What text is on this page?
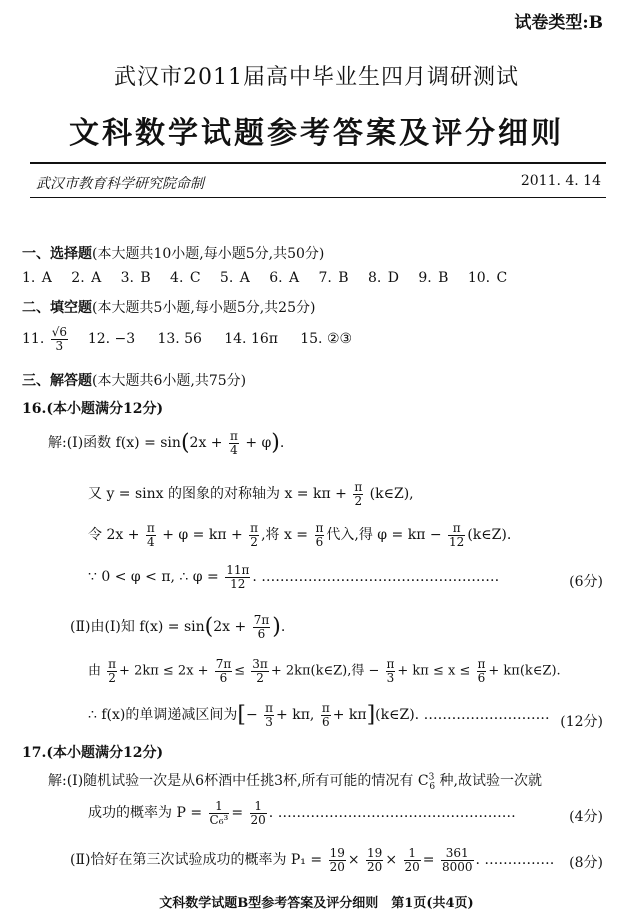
试卷类型:B
武汉市2011届高中毕业生四月调研测试
文科数学试题参考答案及评分细则
武汉市教育科学研究院命制	2011. 4. 14
一、选择题(本大题共10小题,每小题5分,共50分)
1. A 2. A 3. B 4. C 5. A 6. A 7. B 8. D 9. B 10. C
二、填空题(本大题共5小题,每小题5分,共25分)
11. $\frac{√6}{3} 12$. −3 13. 56 14. 16π 15. ②③
三、解答题(本大题共6小题,共75分)
16.(本小题满分12分)
解:(Ⅰ)函数 $f(x) = \sin(2x + \frac{\pi}{4} + \varphi)$.
又 y = sinx 的图象的对称轴为 $x = k\pi + \frac{\pi}{2}$ (k∈Z),
令 $2x + \frac{\pi}{4} + \varphi = k\pi + \frac{\pi}{2}$ ,将 $x = \frac{\pi}{6}$ 代入,得 $\varphi = k\pi - \frac{\pi}{12}$ (k∈Z).
∵ 0 < φ < π, ∴ $\varphi = \frac{11\pi}{12}$ . ……………………………………………	(6分)
(Ⅱ)由(Ⅰ)知 $f(x) = \sin(2x + \frac{7\pi}{6}$ ).
由 $\frac{\pi}{2} + 2k\pi \le 2x + \frac{7\pi}{6} \le \frac{3\pi}{2}$ + 2kπ(k∈Z),得 − $\frac{\pi}{3} + k\pi \le x \le \frac{\pi}{6}$ + kπ(k∈Z).
∴ f(x)的单调递减区间为[− $\frac{\pi}{3} + k\pi$, $\frac{\pi}{6}$ + kπ](k∈Z). ……………………… (12分)
17.(本小题满分12分)
解:(Ⅰ)随机试验一次是从6杯酒中任挑3杯,所有可能的情况有 $C^3_6$ 种,故试验一次就
成功的概率为 $P = \frac{1}{\text{C₆³}} = \frac{1}{20}$ . ……………………………………………	(4分)
(Ⅱ)恰好在第三次试验成功的概率为 $P_1 = \frac{19}{20} \times \frac{19}{20} \times \frac{1}{20} = \frac{361}{8000}$ . …………… (8分)
文科数学试题B型参考答案及评分细则　第1页(共4页)
